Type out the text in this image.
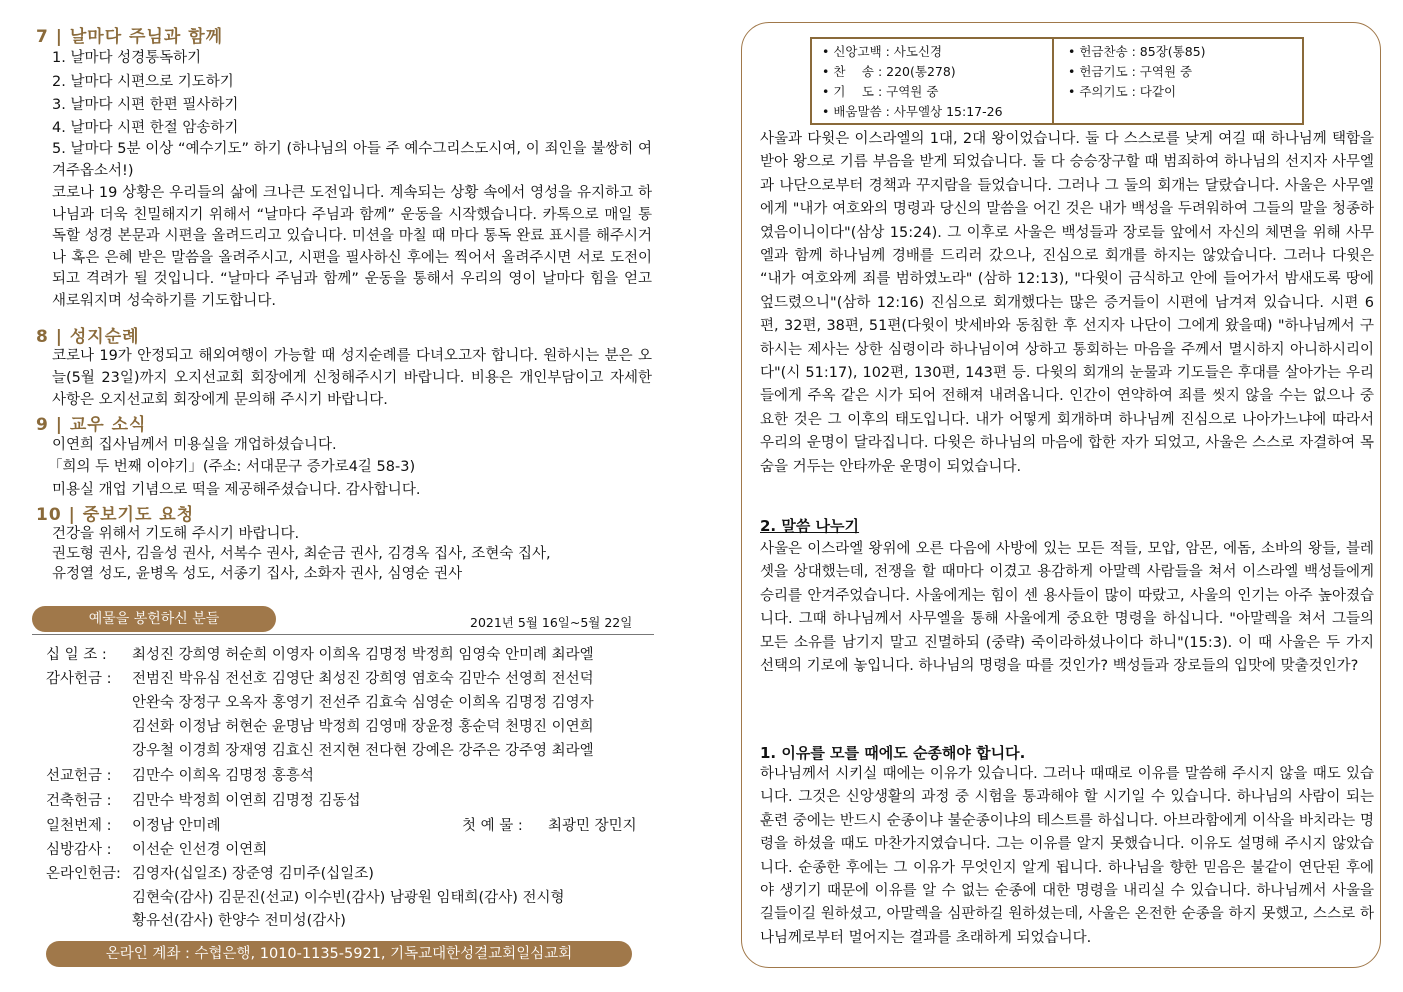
7 | 날마다 주님과 함께
1. 날마다 성경통독하기
2. 날마다 시편으로 기도하기
3. 날마다 시편 한편 필사하기
4. 날마다 시편 한절 암송하기
5. 날마다 5분 이상 “예수기도” 하기 (하나님의 아들 주 예수그리스도시여, 이 죄인을 불쌍히 여겨주옵소서!)
코로나 19 상황은 우리들의 삶에 크나큰 도전입니다. 계속되는 상황 속에서 영성을 유지하고 하나님과 더욱 친밀해지기 위해서 “날마다 주님과 함께” 운동을 시작했습니다. 카톡으로 매일 통독할 성경 본문과 시편을 올려드리고 있습니다. 미션을 마칠 때 마다 통독 완료 표시를 해주시거나 혹은 은혜 받은 말씀을 올려주시고, 시편을 필사하신 후에는 찍어서 올려주시면 서로 도전이 되고 격려가 될 것입니다. “날마다 주님과 함께” 운동을 통해서 우리의 영이 날마다 힘을 얻고 새로워지며 성숙하기를 기도합니다.
8 | 성지순례
코로나 19가 안정되고 해외여행이 가능할 때 성지순례를 다녀오고자 합니다. 원하시는 분은 오늘(5월 23일)까지 오지선교회 회장에게 신청해주시기 바랍니다. 비용은 개인부담이고 자세한 사항은 오지선교회 회장에게 문의해 주시기 바랍니다.
9 | 교우 소식
이연희 집사님께서 미용실을 개업하셨습니다.
「희의 두 번째 이야기」(주소: 서대문구 증가로4길 58-3)
미용실 개업 기념으로 떡을 제공해주셨습니다. 감사합니다.
10 | 중보기도 요청
건강을 위해서 기도해 주시기 바랍니다.
권도형 권사, 김을성 권사, 서복수 권사, 최순금 권사, 김경옥 집사, 조현숙 집사,
유정열 성도, 윤병옥 성도, 서종기 집사, 소화자 권사, 심영순 권사
예물을 봉헌하신 분들	2021년 5월 16일~5월 22일
십 일 조 : 최성진 강희영 허순희 이영자 이희옥 김명정 박정희 임영숙 안미례 최라엘
감사헌금 : 전범진 박유심 전선호 김영단 최성진 강희영 염호숙 김만수 선영희 전선덕
안완숙 장정구 오옥자 홍영기 전선주 김효숙 심영순 이희옥 김명정 김영자
김선화 이정남 허현순 윤명남 박정희 김영매 장윤정 홍순덕 천명진 이연희
강우철 이경희 장재영 김효신 전지현 전다현 강예은 강주은 강주영 최라엘
선교헌금 : 김만수 이희옥 김명정 홍흥석
건축헌금 : 김만수 박정희 이연희 김명정 김동섭
일천번제 : 이정남 안미례	첫 예 물 : 최광민 장민지
심방감사 : 이선순 인선경 이연희
온라인헌금: 김영자(십일조) 장준영 김미주(십일조)
김현숙(감사) 김문진(선교) 이수빈(감사) 남광원 임태희(감사) 전시형
황유선(감사) 한양수 전미성(감사)
온라인 계좌 : 수협은행, 1010-1135-5921, 기독교대한성결교회일심교회
• 신앙고백 : 사도신경
• 찬　 송 : 220(통278)
• 기　 도 : 구역원 중
• 배움말씀 : 사무엘상 15:17-26
• 헌금찬송 : 85장(통85)
• 헌금기도 : 구역원 중
• 주의기도 : 다같이
사울과 다윗은 이스라엘의 1대, 2대 왕이었습니다. 둘 다 스스로를 낮게 여길 때 하나님께 택함을 받아 왕으로 기름 부음을 받게 되었습니다. 둘 다 승승장구할 때 범죄하여 하나님의 선지자 사무엘과 나단으로부터 경책과 꾸지람을 들었습니다. 그러나 그 둘의 회개는 달랐습니다. 사울은 사무엘에게 "내가 여호와의 명령과 당신의 말씀을 어긴 것은 내가 백성을 두려워하여 그들의 말을 청종하였음이니이다"(삼상 15:24). 그 이후로 사울은 백성들과 장로들 앞에서 자신의 체면을 위해 사무엘과 함께 하나님께 경배를 드리러 갔으나, 진심으로 회개를 하지는 않았습니다. 그러나 다윗은 “내가 여호와께 죄를 범하였노라" (삼하 12:13), "다윗이 금식하고 안에 들어가서 밤새도록 땅에 엎드렸으니"(삼하 12:16) 진심으로 회개했다는 많은 증거들이 시편에 남겨져 있습니다. 시편 6편, 32편, 38편, 51편(다윗이 밧세바와 동침한 후 선지자 나단이 그에게 왔을때) "하나님께서 구하시는 제사는 상한 심령이라 하나님이여 상하고 통회하는 마음을 주께서 멸시하지 아니하시리이다"(시 51:17), 102편, 130편, 143편 등. 다윗의 회개의 눈물과 기도들은 후대를 살아가는 우리들에게 주옥 같은 시가 되어 전해져 내려옵니다. 인간이 연약하여 죄를 씻지 않을 수는 없으나 중요한 것은 그 이후의 태도입니다. 내가 어떻게 회개하며 하나님께 진심으로 나아가느냐에 따라서 우리의 운명이 달라집니다. 다윗은 하나님의 마음에 합한 자가 되었고, 사울은 스스로 자결하여 목숨을 거두는 안타까운 운명이 되었습니다.
2. 말씀 나누기
사울은 이스라엘 왕위에 오른 다음에 사방에 있는 모든 적들, 모압, 암몬, 에돔, 소바의 왕들, 블레셋을 상대했는데, 전쟁을 할 때마다 이겼고 용감하게 아말렉 사람들을 쳐서 이스라엘 백성들에게 승리를 안겨주었습니다. 사울에게는 힘이 센 용사들이 많이 따랐고, 사울의 인기는 아주 높아졌습니다. 그때 하나님께서 사무엘을 통해 사울에게 중요한 명령을 하십니다. "아말렉을 쳐서 그들의 모든 소유를 남기지 말고 진멸하되 (중략) 죽이라하셨나이다 하니"(15:3). 이 때 사울은 두 가지 선택의 기로에 놓입니다. 하나님의 명령을 따를 것인가? 백성들과 장로들의 입맛에 맞출것인가?
1. 이유를 모를 때에도 순종해야 합니다.
하나님께서 시키실 때에는 이유가 있습니다. 그러나 때때로 이유를 말씀해 주시지 않을 때도 있습니다. 그것은 신앙생활의 과정 중 시험을 통과해야 할 시기일 수 있습니다. 하나님의 사람이 되는 훈련 중에는 반드시 순종이냐 불순종이냐의 테스트를 하십니다. 아브라함에게 이삭을 바치라는 명령을 하셨을 때도 마찬가지였습니다. 그는 이유를 알지 못했습니다. 이유도 설명해 주시지 않았습니다. 순종한 후에는 그 이유가 무엇인지 알게 됩니다. 하나님을 향한 믿음은 불같이 연단된 후에야 생기기 때문에 이유를 알 수 없는 순종에 대한 명령을 내리실 수 있습니다. 하나님께서 사울을 길들이길 원하셨고, 아말렉을 심판하길 원하셨는데, 사울은 온전한 순종을 하지 못했고, 스스로 하나님께로부터 멀어지는 결과를 초래하게 되었습니다.
